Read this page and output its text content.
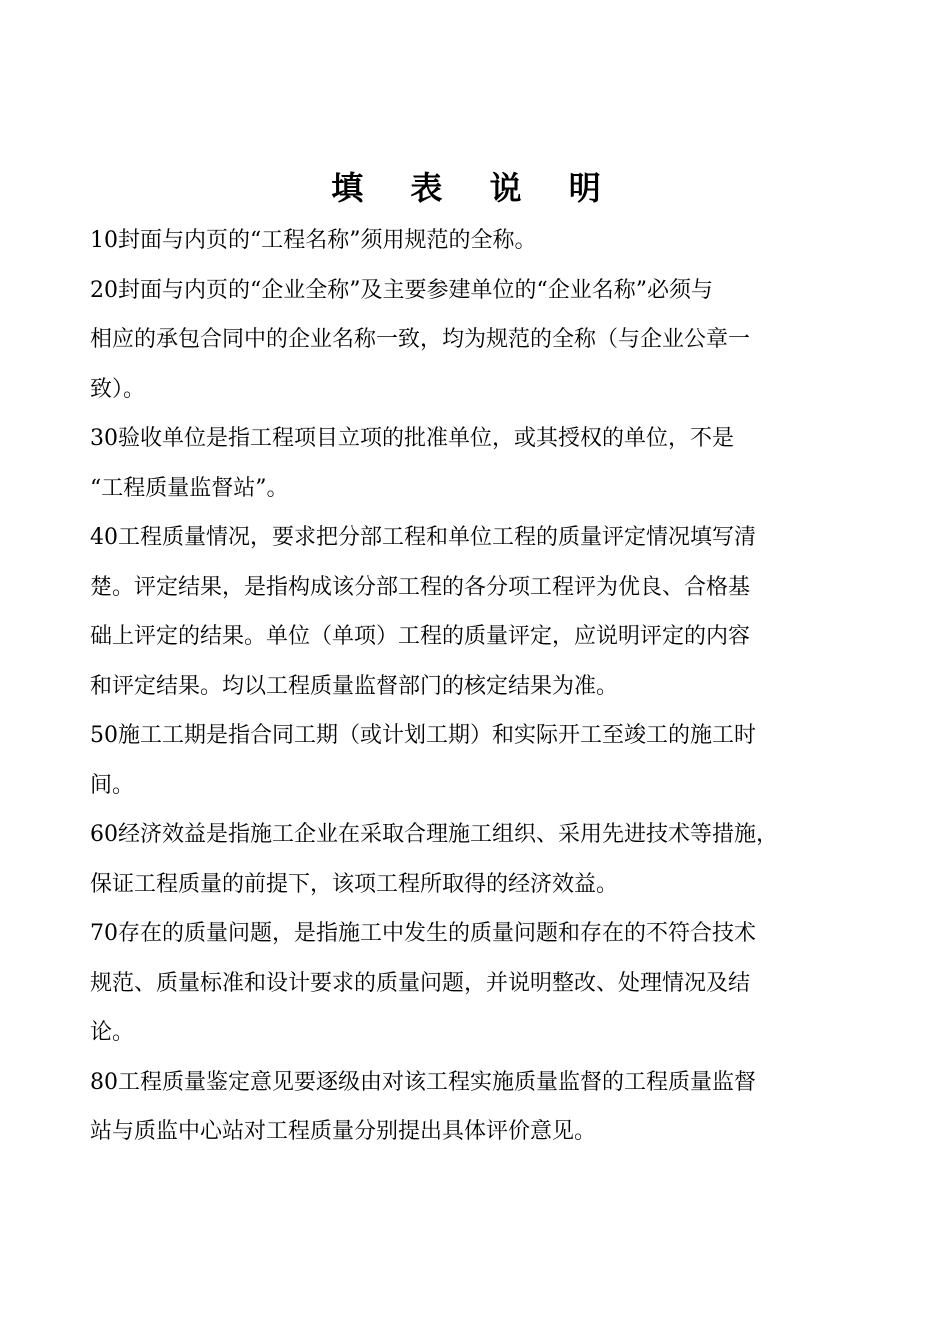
填 表 说 明
10封面与内页的“工程名称”须用规范的全称。
20封面与内页的“企业全称”及主要参建单位的“企业名称”必须与
相应的承包合同中的企业名称一致，均为规范的全称（与企业公章一
致）。
30验收单位是指工程项目立项的批准单位，或其授权的单位，不是
“工程质量监督站”。
40工程质量情况，要求把分部工程和单位工程的质量评定情况填写清
楚。评定结果，是指构成该分部工程的各分项工程评为优良、合格基
础上评定的结果。单位（单项）工程的质量评定，应说明评定的内容
和评定结果。均以工程质量监督部门的核定结果为准。
50施工工期是指合同工期（或计划工期）和实际开工至竣工的施工时
间。
60经济效益是指施工企业在采取合理施工组织、采用先进技术等措施，
保证工程质量的前提下，该项工程所取得的经济效益。
70存在的质量问题，是指施工中发生的质量问题和存在的不符合技术
规范、质量标准和设计要求的质量问题，并说明整改、处理情况及结
论。
80工程质量鉴定意见要逐级由对该工程实施质量监督的工程质量监督
站与质监中心站对工程质量分别提出具体评价意见。
